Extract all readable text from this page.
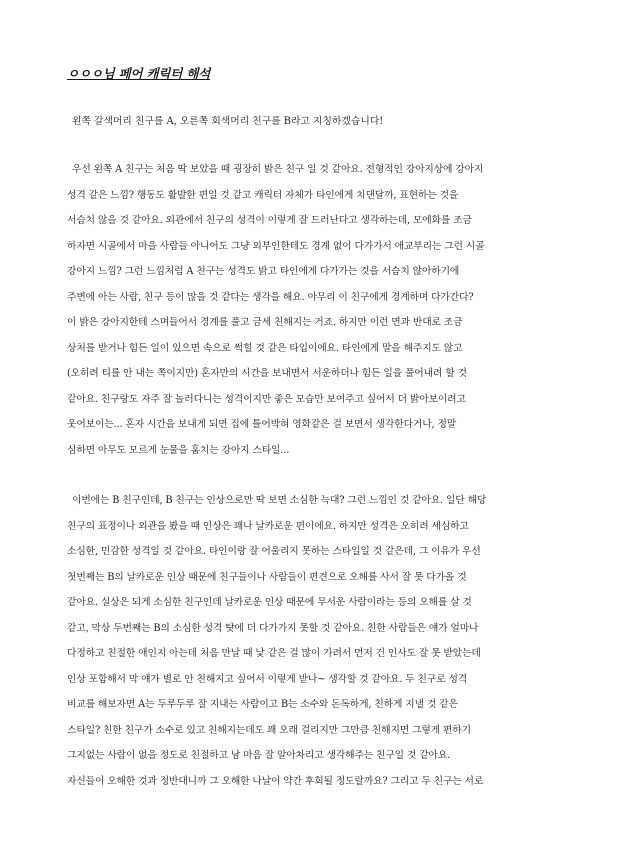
ㅇㅇㅇ님 페어 캐릭터 해석
왼쪽 갈색머리 친구를 A, 오른쪽 회색머리 친구를 B라고 지칭하겠습니다!
우선 왼쪽 A 친구는 처음 딱 보았을 때 굉장히 밝은 친구 일 것 같아요. 전형적인 강아지상에 강아지
성격 같은 느낌? 행동도 활발한 편일 것 같고 캐릭터 자체가 타인에게 치댄달까, 표현하는 것을
서슴치 않을 것 같아요. 외관에서 친구의 성격이 이렇게 잘 드러난다고 생각하는데, 모에화를 조금
하자면 시골에서 마을 사람들 아니어도 그냥 외부인한테도 경계 없이 다가가서 애교부리는 그런 시골
강아지 느낌? 그런 느낌처럼 A 친구는 성격도 밝고 타인에게 다가가는 것을 서슴치 않아하기에
주변에 아는 사람, 친구 등이 많을 것 같다는 생각을 해요. 아무리 이 친구에게 경계하며 다가간다?
이 밝은 강아지한테 스며들어서 경계를 풀고 금세 친해지는 거죠. 하지만 이런 면과 반대로 조금
상처를 받거나 힘든 일이 있으면 속으로 썩힐 것 같은 타입이에요. 타인에게 말을 해주지도 않고
(오히려 티를 안 내는 쪽이지만) 혼자만의 시간을 보내면서 서운하더나 힘든 일을 풀어내려 할 것
같아요. 친구랑도 자주 잘 놀러다니는 성격이지만 좋은 모습만 보여주고 싶어서 더 밝아보이려고
웃어보이는... 혼자 시간을 보내게 되면 집에 틀어박혀 영화같은 걸 보면서 생각한다거나, 정말
심하면 아무도 모르게 눈물을 훔치는 강아지 스타일...
이번에는 B 친구인데, B 친구는 인상으로만 딱 보면 소심한 늑대? 그런 느낌인 것 같아요. 일단 해당
친구의 표정이나 외관을 봤을 때 인상은 꽤나 날카로운 편이에요. 하지만 성격은 오히려 세심하고
소심한, 민감한 성격일 것 같아요. 타인이랑 잘 어울리지 못하는 스타일일 것 같은데, 그 이유가 우선
첫번째는 B의 날카로운 인상 때문에 친구들이나 사람들이 편견으로 오해를 사서 잘 못 다가올 것
같아요. 실상은 되게 소심한 친구인데 날카로운 인상 때문에 무서운 사람이라는 등의 오해를 살 것
같고, 막상 두번째는 B의 소심한 성격 탓에 더 다가가지 못할 것 같아요. 친한 사람들은 얘가 얼마나
다정하고 친절한 애인지 아는데 처음 만날 때 낯 같은 걸 많이 가려서 먼저 건 인사도 잘 못 받았는데
인상 포함해서 막 얘가 별로 안 친해지고 싶어서 이렇게 받나~ 생각할 것 같아요. 두 친구로 성격
비교를 해보자면 A는 두루두루 잘 지내는 사람이고 B는 소수와 돈독하게, 친하게 지낼 것 같은
스타일? 친한 친구가 소수로 있고 친해지는데도 꽤 오래 걸리지만 그만큼 친해지면 그렇게 편하기
그지없는 사람이 없을 정도로 친절하고 남 마음 잘 알아차리고 생각해주는 친구일 것 같아요.
자신들이 오해한 것과 정반대니까 그 오해한 나날이 약간 후회될 정도랄까요? 그리고 두 친구는 서로
